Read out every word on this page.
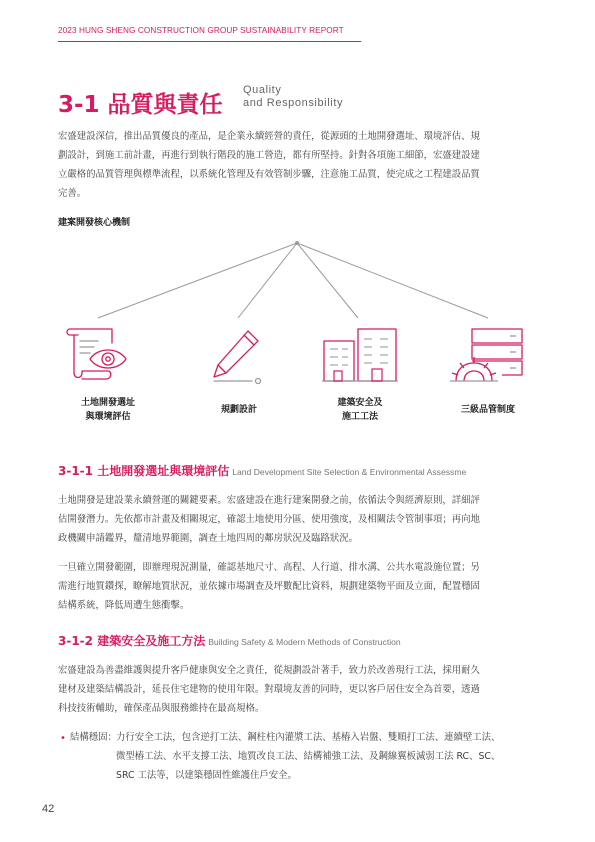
2023 HUNG SHENG CONSTRUCTION GROUP SUSTAINABILITY REPORT
3-1 品質與責任
Quality
and Responsibility
宏盛建設深信，推出品質優良的產品，是企業永續經營的責任，從源頭的土地開發選址、環境評估、規
劃設計，到施工前計畫，再進行到執行階段的施工營造，都有所堅持。針對各項施工細節，宏盛建設建
立嚴格的品質管理與標準流程，以系統化管理及有效管制步驟，注意施工品質，使完成之工程建設品質
完善。
建案開發核心機制
土地開發選址
與環境評估
規劃設計
建築安全及
施工工法
三級品管制度
3-1-1 土地開發選址與環境評估 Land Development Site Selection & Environmental Assessme
土地開發是建設業永續營運的關鍵要素。宏盛建設在進行建案開發之前，依循法令與經濟原則，詳細評
估開發潛力。先依都市計畫及相關規定，確認土地使用分區、使用強度，及相關法令管制事項；再向地
政機關申請鑑界，釐清地界範圍，調查土地四周的鄰房狀況及臨路狀況。
一旦確立開發範圍，即辦理現況測量，確認基地尺寸、高程、人行道、排水溝、公共水電設施位置；另
需進行地質鑽探，瞭解地質狀況，並依據市場調查及坪數配比資料，規劃建築物平面及立面，配置穩固
結構系統，降低周遭生態衝擊。
3-1-2 建築安全及施工方法 Building Safety & Modern Methods of Construction
宏盛建設為善盡維護與提升客戶健康與安全之責任，從規劃設計著手，致力於改善現行工法，採用耐久
建材及建築結構設計，延長住宅建物的使用年限。對環境友善的同時，更以客戶居住安全為首要，透過
科技技術輔助，確保產品與服務維持在最高規格。
• 結構穩固： 力行安全工法，包含逆打工法、鋼柱柱內灌漿工法、基樁入岩盤、雙順打工法、連續壁工法、
微型樁工法、水平支撐工法、地質改良工法、結構補強工法、及鋼線翼板減弱工法 RC、SC、
SRC 工法等，以建築穩固性維護住戶安全。
42
